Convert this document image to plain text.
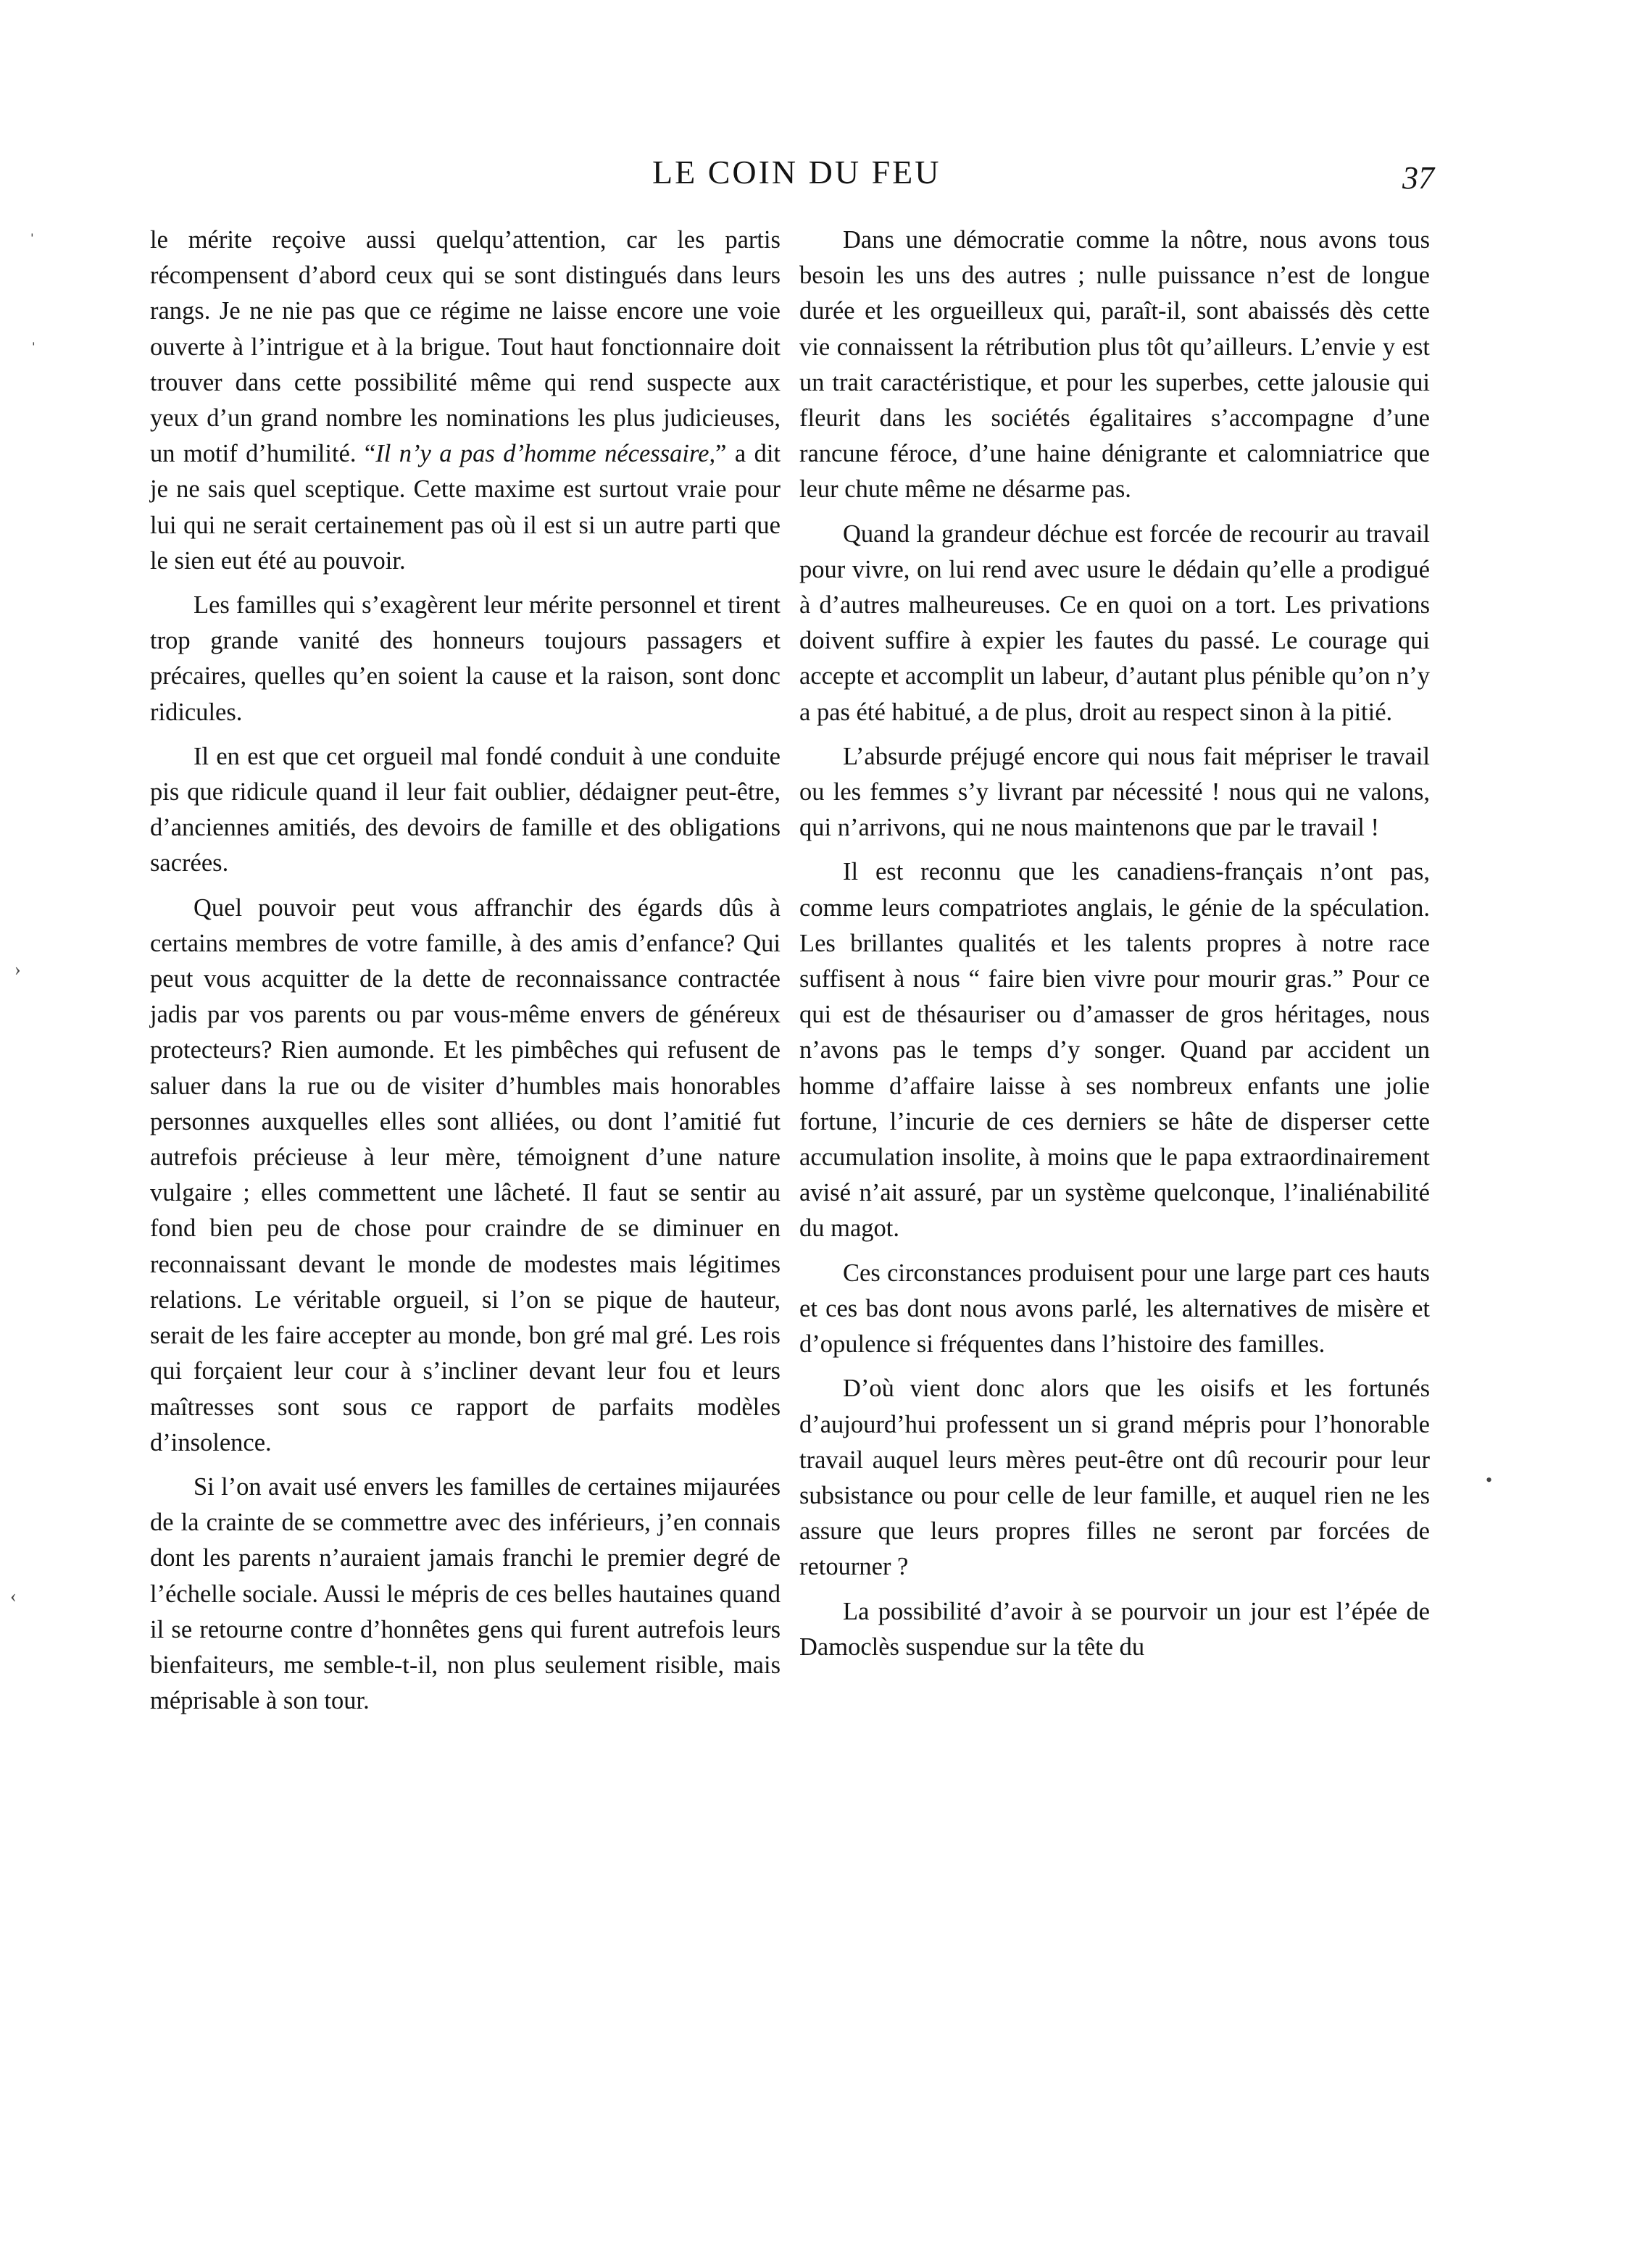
LE COIN DU FEU	37

le mérite reçoive aussi quelqu’attention, car les partis récompensent d’abord ceux qui se sont distingués dans leurs rangs. Je ne nie pas que ce régime ne laisse encore une voie ouverte à l’intrigue et à la brigue. Tout haut fonctionnaire doit trouver dans cette possibilité même qui rend suspecte aux yeux d’un grand nombre les nominations les plus judicieuses, un motif d’humilité. “Il n’y a pas d’homme nécessaire,” a dit je ne sais quel sceptique. Cette maxime est surtout vraie pour lui qui ne serait certainement pas où il est si un autre parti que le sien eut été au pouvoir.

Les familles qui s’exagèrent leur mérite personnel et tirent trop grande vanité des honneurs toujours passagers et précaires, quelles qu’en soient la cause et la raison, sont donc ridicules.

Il en est que cet orgueil mal fondé conduit à une conduite pis que ridicule quand il leur fait oublier, dédaigner peut-être, d’anciennes amitiés, des devoirs de famille et des obligations sacrées.

Quel pouvoir peut vous affranchir des égards dûs à certains membres de votre famille, à des amis d’enfance? Qui peut vous acquitter de la dette de reconnaissance contractée jadis par vos parents ou par vous-même envers de généreux protecteurs? Rien aumonde. Et les pimbêches qui refusent de saluer dans la rue ou de visiter d’humbles mais honorables personnes auxquelles elles sont alliées, ou dont l’amitié fut autrefois précieuse à leur mère, témoignent d’une nature vulgaire ; elles commettent une lâcheté. Il faut se sentir au fond bien peu de chose pour craindre de se diminuer en reconnaissant devant le monde de modestes mais légitimes relations. Le véritable orgueil, si l’on se pique de hauteur, serait de les faire accepter au monde, bon gré mal gré. Les rois qui forçaient leur cour à s’incliner devant leur fou et leurs maîtresses sont sous ce rapport de parfaits modèles d’insolence.

Si l’on avait usé envers les familles de certaines mijaurées de la crainte de se commettre avec des inférieurs, j’en connais dont les parents n’auraient jamais franchi le premier degré de l’échelle sociale. Aussi le mépris de ces belles hautaines quand il se retourne contre d’honnêtes gens qui furent autrefois leurs bienfaiteurs, me semble-t-il, non plus seulement risible, mais méprisable à son tour.

Dans une démocratie comme la nôtre, nous avons tous besoin les uns des autres ; nulle puissance n’est de longue durée et les orgueilleux qui, paraît-il, sont abaissés dès cette vie connaissent la rétribution plus tôt qu’ailleurs. L’envie y est un trait caractéristique, et pour les superbes, cette jalousie qui fleurit dans les sociétés égalitaires s’accompagne d’une rancune féroce, d’une haine dénigrante et calomniatrice que leur chute même ne désarme pas.

Quand la grandeur déchue est forcée de recourir au travail pour vivre, on lui rend avec usure le dédain qu’elle a prodigué à d’autres malheureuses. Ce en quoi on a tort. Les privations doivent suffire à expier les fautes du passé. Le courage qui accepte et accomplit un labeur, d’autant plus pénible qu’on n’y a pas été habitué, a de plus, droit au respect sinon à la pitié.

L’absurde préjugé encore qui nous fait mépriser le travail ou les femmes s’y livrant par nécessité ! nous qui ne valons, qui n’arrivons, qui ne nous maintenons que par le travail !

Il est reconnu que les canadiens-français n’ont pas, comme leurs compatriotes anglais, le génie de la spéculation. Les brillantes qualités et les talents propres à notre race suffisent à nous “ faire bien vivre pour mourir gras.” Pour ce qui est de thésauriser ou d’amasser de gros héritages, nous n’avons pas le temps d’y songer. Quand par accident un homme d’affaire laisse à ses nombreux enfants une jolie fortune, l’incurie de ces derniers se hâte de disperser cette accumulation insolite, à moins que le papa extraordinairement avisé n’ait assuré, par un système quelconque, l’inaliénabilité du magot.

Ces circonstances produisent pour une large part ces hauts et ces bas dont nous avons parlé, les alternatives de misère et d’opulence si fréquentes dans l’histoire des familles.

D’où vient donc alors que les oisifs et les fortunés d’aujourd’hui professent un si grand mépris pour l’honorable travail auquel leurs mères peut-être ont dû recourir pour leur subsistance ou pour celle de leur famille, et auquel rien ne les assure que leurs propres filles ne seront par forcées de retourner ?

La possibilité d’avoir à se pourvoir un jour est l’épée de Damoclès suspendue sur la tête du

ˈ
ˈ
›
‹
•
